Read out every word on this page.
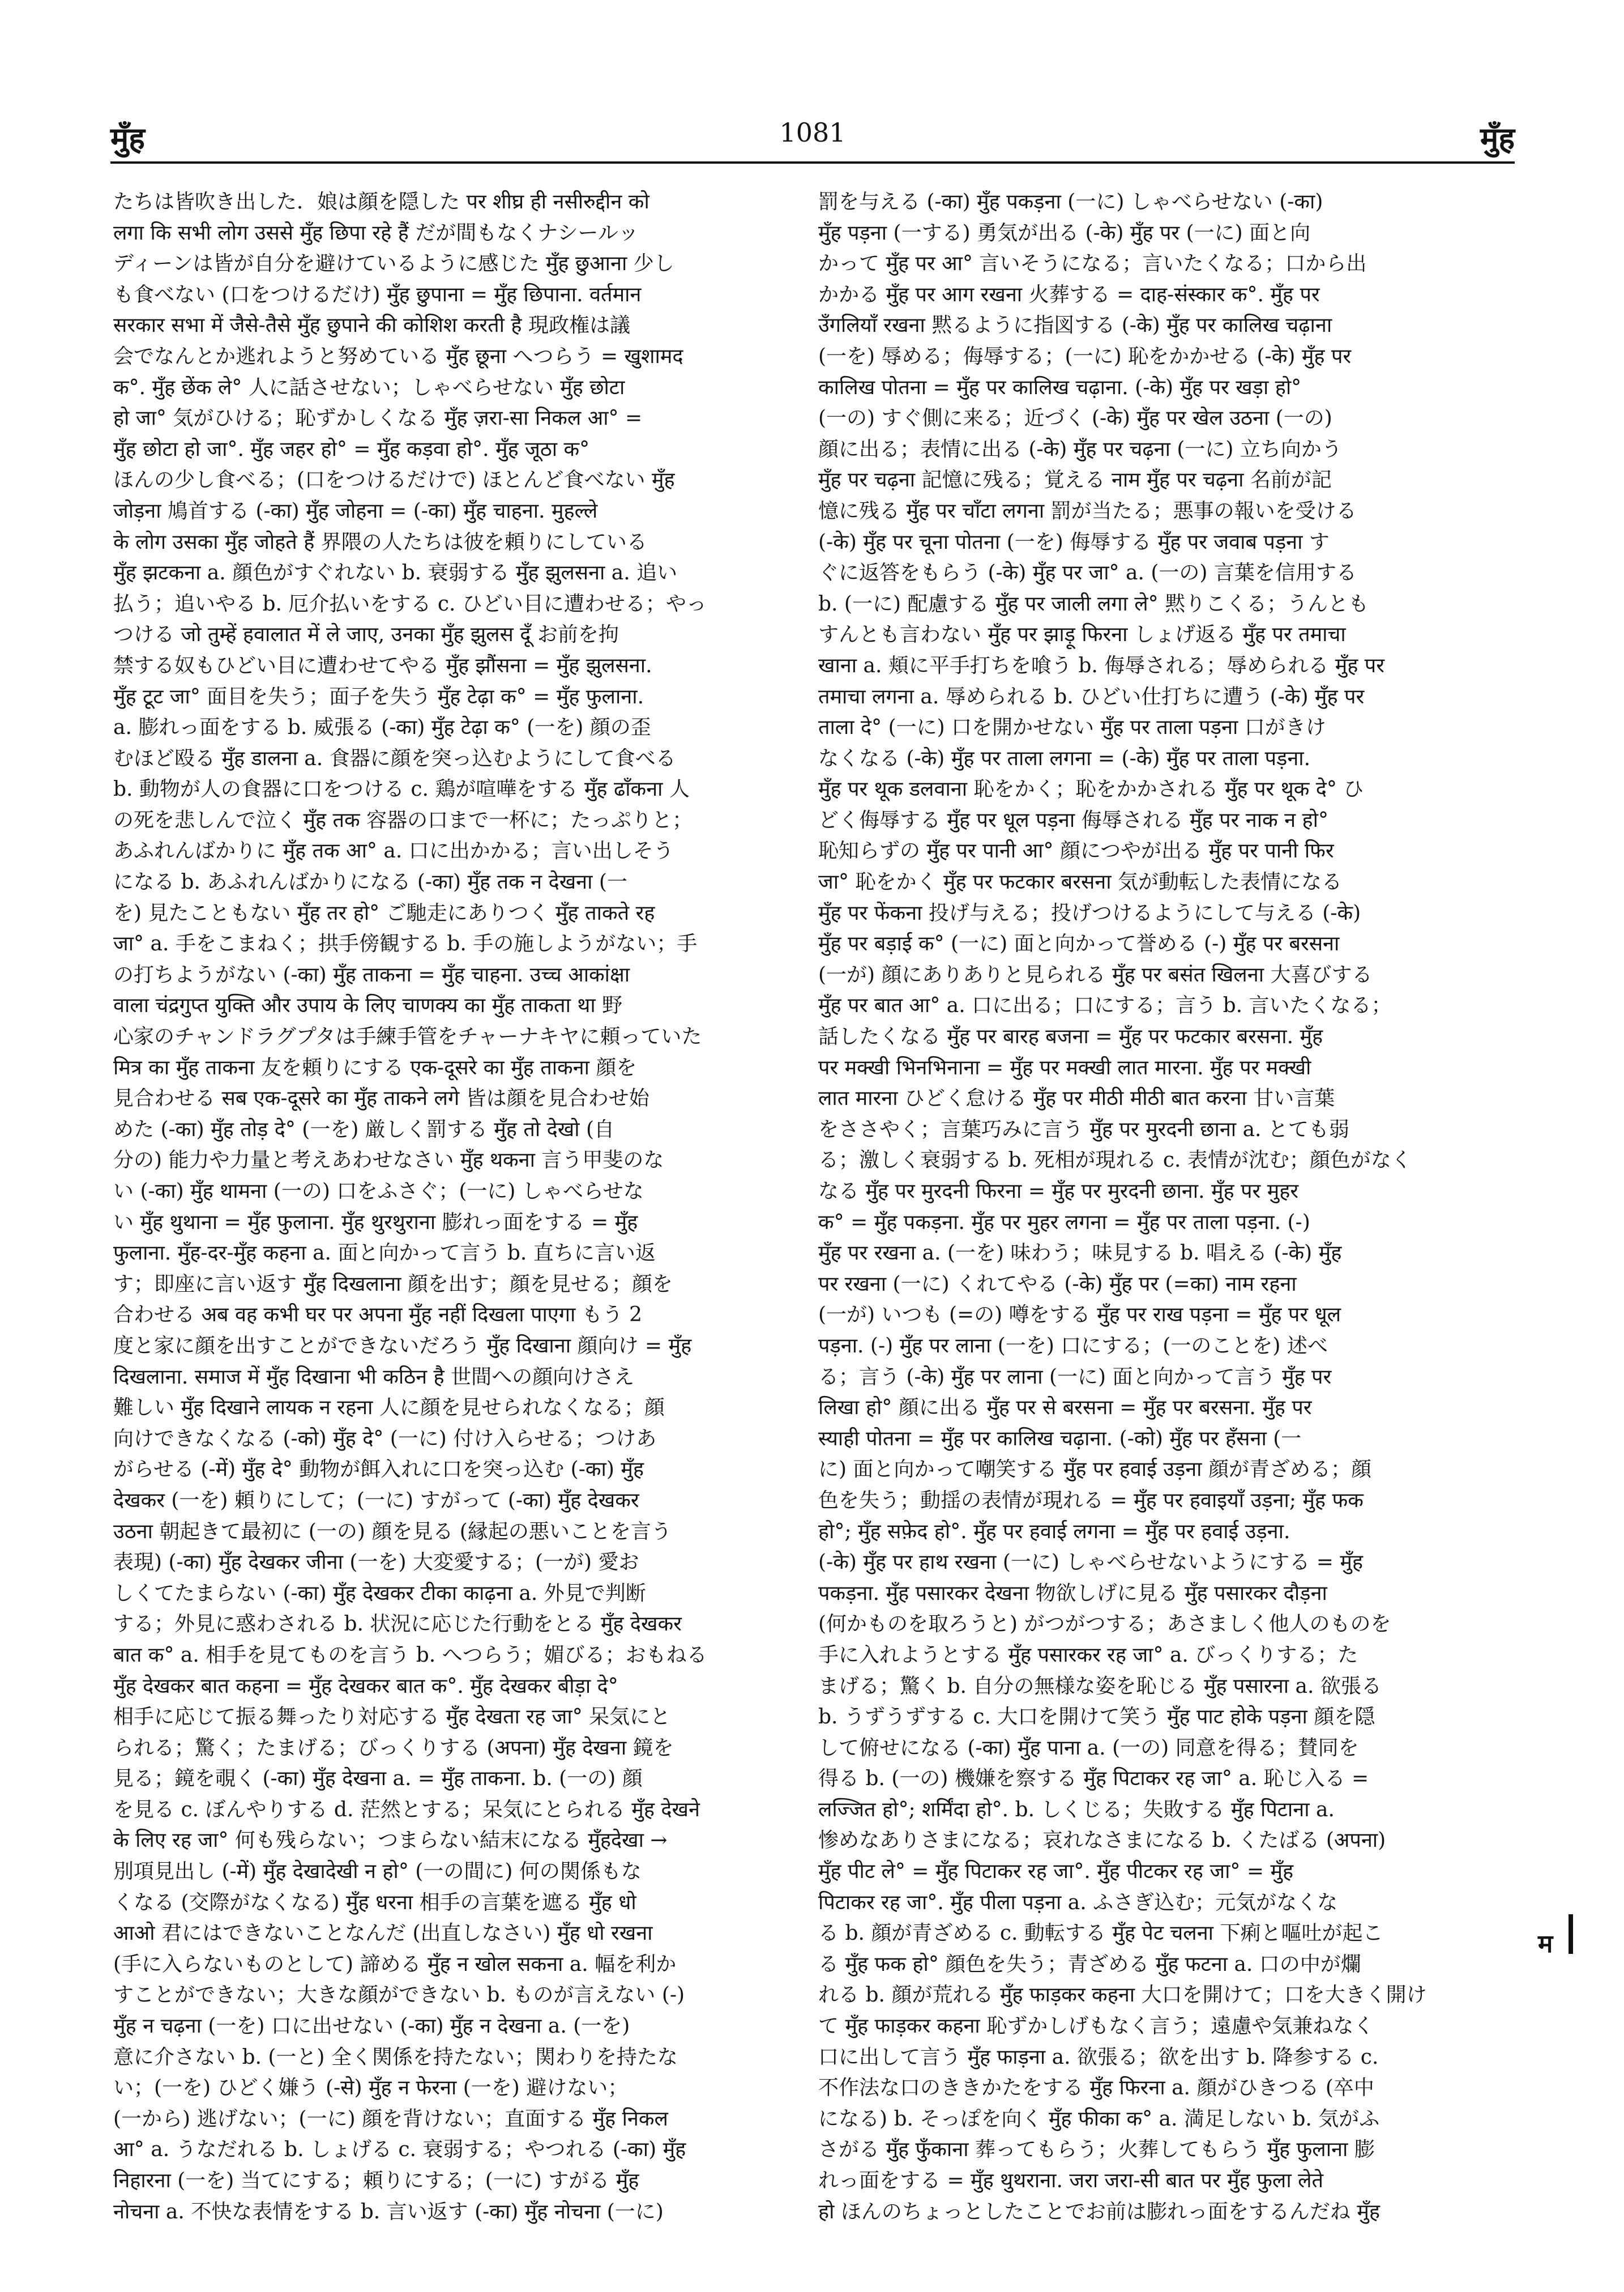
मुँह	1081	मुँह
たちは皆吹き出した．娘は顔を隠した पर शीघ्र ही नसीरुद्दीन को
लगा कि सभी लोग उससे मुँह छिपा रहे हैं だが間もなくナシールッ
ディーンは皆が自分を避けているように感じた मुँह छुआना 少し
も食べない (口をつけるだけ) मुँह छुपाना = मुँह छिपाना. वर्तमान
सरकार सभा में जैसे-तैसे मुँह छुपाने की कोशिश करती है 現政権は議
会でなんとか逃れようと努めている मुँह छूना へつらう = खुशामद
क°. मुँह छेंक ले° 人に話させない；しゃべらせない मुँह छोटा
हो जा° 気がひける；恥ずかしくなる मुँह ज़रा-सा निकल आ° =
मुँह छोटा हो जा°. मुँह जहर हो° = मुँह कड़वा हो°. मुँह जूठा क°
ほんの少し食べる；(口をつけるだけで) ほとんど食べない मुँह
जोड़ना 鳩首する (-का) मुँह जोहना = (-का) मुँह चाहना. मुहल्ले
के लोग उसका मुँह जोहते हैं 界隈の人たちは彼を頼りにしている
मुँह झटकना a. 顔色がすぐれない b. 衰弱する मुँह झुलसना a. 追い
払う；追いやる b. 厄介払いをする c. ひどい目に遭わせる；やっ
つける जो तुम्हें हवालात में ले जाए, उनका मुँह झुलस दूँ お前を拘
禁する奴もひどい目に遭わせてやる मुँह झौंसना = मुँह झुलसना.
मुँह टूट जा° 面目を失う；面子を失う मुँह टेढ़ा क° = मुँह फुलाना.
a. 膨れっ面をする b. 威張る (-का) मुँह टेढ़ा क° (一を) 顔の歪
むほど殴る मुँह डालना a. 食器に顔を突っ込むようにして食べる
b. 動物が人の食器に口をつける c. 鶏が喧嘩をする मुँह ढाँकना 人
の死を悲しんで泣く मुँह तक 容器の口まで一杯に；たっぷりと；
あふれんばかりに मुँह तक आ° a. 口に出かかる；言い出しそう
になる b. あふれんばかりになる (-का) मुँह तक न देखना (一
を) 見たこともない मुँह तर हो° ご馳走にありつく मुँह ताकते रह
जा° a. 手をこまねく；拱手傍観する b. 手の施しようがない；手
の打ちようがない (-का) मुँह ताकना = मुँह चाहना. उच्च आकांक्षा
वाला चंद्रगुप्त युक्ति और उपाय के लिए चाणक्य का मुँह ताकता था 野
心家のチャンドラグプタは手練手管をチャーナキヤに頼っていた
मित्र का मुँह ताकना 友を頼りにする एक-दूसरे का मुँह ताकना 顔を
見合わせる सब एक-दूसरे का मुँह ताकने लगे 皆は顔を見合わせ始
めた (-का) मुँह तोड़ दे° (一を) 厳しく罰する मुँह तो देखो (自
分の) 能力や力量と考えあわせなさい मुँह थकना 言う甲斐のな
い (-का) मुँह थामना (一の) 口をふさぐ；(一に) しゃべらせな
い मुँह थुथाना = मुँह फुलाना. मुँह थुरथुराना 膨れっ面をする = मुँह
फुलाना. मुँह-दर-मुँह कहना a. 面と向かって言う b. 直ちに言い返
す；即座に言い返す मुँह दिखलाना 顔を出す；顔を見せる；顔を
合わせる अब वह कभी घर पर अपना मुँह नहीं दिखला पाएगा もう 2
度と家に顔を出すことができないだろう मुँह दिखाना 顔向け = मुँह
दिखलाना. समाज में मुँह दिखाना भी कठिन है 世間への顔向けさえ
難しい मुँह दिखाने लायक न रहना 人に顔を見せられなくなる；顔
向けできなくなる (-को) मुँह दे° (一に) 付け入らせる；つけあ
がらせる (-में) मुँह दे° 動物が餌入れに口を突っ込む (-का) मुँह
देखकर (一を) 頼りにして；(一に) すがって (-का) मुँह देखकर
उठना 朝起きて最初に (一の) 顔を見る (縁起の悪いことを言う
表現) (-का) मुँह देखकर जीना (一を) 大変愛する；(一が) 愛お
しくてたまらない (-का) मुँह देखकर टीका काढ़ना a. 外見で判断
する；外見に惑わされる b. 状況に応じた行動をとる मुँह देखकर
बात क° a. 相手を見てものを言う b. へつらう；媚びる；おもねる
मुँह देखकर बात कहना = मुँह देखकर बात क°. मुँह देखकर बीड़ा दे°
相手に応じて振る舞ったり対応する मुँह देखता रह जा° 呆気にと
られる；驚く；たまげる；びっくりする (अपना) मुँह देखना 鏡を
見る；鏡を覗く (-का) मुँह देखना a. = मुँह ताकना. b. (一の) 顔
を見る c. ぼんやりする d. 茫然とする；呆気にとられる मुँह देखने
के लिए रह जा° 何も残らない；つまらない結末になる मुँहदेखा →
別項見出し (-में) मुँह देखादेखी न हो° (一の間に) 何の関係もな
くなる (交際がなくなる) मुँह धरना 相手の言葉を遮る मुँह धो
आओ 君にはできないことなんだ (出直しなさい) मुँह धो रखना
(手に入らないものとして) 諦める मुँह न खोल सकना a. 幅を利か
すことができない；大きな顔ができない b. ものが言えない (-)
मुँह न चढ़ना (一を) 口に出せない (-का) मुँह न देखना a. (一を)
意に介さない b. (一と) 全く関係を持たない；関わりを持たな
い；(一を) ひどく嫌う (-से) मुँह न फेरना (一を) 避けない；
(一から) 逃げない；(一に) 顔を背けない；直面する मुँह निकल
आ° a. うなだれる b. しょげる c. 衰弱する；やつれる (-का) मुँह
निहारना (一を) 当てにする；頼りにする；(一に) すがる मुँह
नोचना a. 不快な表情をする b. 言い返す (-का) मुँह नोचना (一に)
罰を与える (-का) मुँह पकड़ना (一に) しゃべらせない (-का)
मुँह पड़ना (一する) 勇気が出る (-के) मुँह पर (一に) 面と向
かって मुँह पर आ° 言いそうになる；言いたくなる；口から出
かかる मुँह पर आग रखना 火葬する = दाह-संस्कार क°. मुँह पर
उँगलियाँ रखना 黙るように指図する (-के) मुँह पर कालिख चढ़ाना
(一を) 辱める；侮辱する；(一に) 恥をかかせる (-के) मुँह पर
कालिख पोतना = मुँह पर कालिख चढ़ाना. (-के) मुँह पर खड़ा हो°
(一の) すぐ側に来る；近づく (-के) मुँह पर खेल उठना (一の)
顔に出る；表情に出る (-के) मुँह पर चढ़ना (一に) 立ち向かう
मुँह पर चढ़ना 記憶に残る；覚える नाम मुँह पर चढ़ना 名前が記
憶に残る मुँह पर चाँटा लगना 罰が当たる；悪事の報いを受ける
(-के) मुँह पर चूना पोतना (一を) 侮辱する मुँह पर जवाब पड़ना す
ぐに返答をもらう (-के) मुँह पर जा° a. (一の) 言葉を信用する
b. (一に) 配慮する मुँह पर जाली लगा ले° 黙りこくる；うんとも
すんとも言わない मुँह पर झाड़ू फिरना しょげ返る मुँह पर तमाचा
खाना a. 頬に平手打ちを喰う b. 侮辱される；辱められる मुँह पर
तमाचा लगना a. 辱められる b. ひどい仕打ちに遭う (-के) मुँह पर
ताला दे° (一に) 口を開かせない मुँह पर ताला पड़ना 口がきけ
なくなる (-के) मुँह पर ताला लगना = (-के) मुँह पर ताला पड़ना.
मुँह पर थूक डलवाना 恥をかく；恥をかかされる मुँह पर थूक दे° ひ
どく侮辱する मुँह पर धूल पड़ना 侮辱される मुँह पर नाक न हो°
恥知らずの मुँह पर पानी आ° 顔につやが出る मुँह पर पानी फिर
जा° 恥をかく मुँह पर फटकार बरसना 気が動転した表情になる
मुँह पर फेंकना 投げ与える；投げつけるようにして与える (-के)
मुँह पर बड़ाई क° (一に) 面と向かって誉める (-) मुँह पर बरसना
(一が) 顔にありありと見られる मुँह पर बसंत खिलना 大喜びする
मुँह पर बात आ° a. 口に出る；口にする；言う b. 言いたくなる；
話したくなる मुँह पर बारह बजना = मुँह पर फटकार बरसना. मुँह
पर मक्खी भिनभिनाना = मुँह पर मक्खी लात मारना. मुँह पर मक्खी
लात मारना ひどく怠ける मुँह पर मीठी मीठी बात करना 甘い言葉
をささやく；言葉巧みに言う मुँह पर मुरदनी छाना a. とても弱
る；激しく衰弱する b. 死相が現れる c. 表情が沈む；顔色がなく
なる मुँह पर मुरदनी फिरना = मुँह पर मुरदनी छाना. मुँह पर मुहर
क° = मुँह पकड़ना. मुँह पर मुहर लगना = मुँह पर ताला पड़ना. (-)
मुँह पर रखना a. (一を) 味わう；味見する b. 唱える (-के) मुँह
पर रखना (一に) くれてやる (-के) मुँह पर (=का) नाम रहना
(一が) いつも (=の) 噂をする मुँह पर राख पड़ना = मुँह पर धूल
पड़ना. (-) मुँह पर लाना (一を) 口にする；(一のことを) 述べ
る；言う (-के) मुँह पर लाना (一に) 面と向かって言う मुँह पर
लिखा हो° 顔に出る मुँह पर से बरसना = मुँह पर बरसना. मुँह पर
स्याही पोतना = मुँह पर कालिख चढ़ाना. (-को) मुँह पर हँसना (一
に) 面と向かって嘲笑する मुँह पर हवाई उड़ना 顔が青ざめる；顔
色を失う；動揺の表情が現れる = मुँह पर हवाइयाँ उड़ना; मुँह फक
हो°; मुँह सफ़ेद हो°. मुँह पर हवाई लगना = मुँह पर हवाई उड़ना.
(-के) मुँह पर हाथ रखना (一に) しゃべらせないようにする = मुँह
पकड़ना. मुँह पसारकर देखना 物欲しげに見る मुँह पसारकर दौड़ना
(何かものを取ろうと) がつがつする；あさましく他人のものを
手に入れようとする मुँह पसारकर रह जा° a. びっくりする；た
まげる；驚く b. 自分の無様な姿を恥じる मुँह पसारना a. 欲張る
b. うずうずする c. 大口を開けて笑う मुँह पाट होके पड़ना 顔を隠
して俯せになる (-का) मुँह पाना a. (一の) 同意を得る；賛同を
得る b. (一の) 機嫌を察する मुँह पिटाकर रह जा° a. 恥じ入る =
लज्जित हो°; शर्मिंदा हो°. b. しくじる；失敗する मुँह पिटाना a.
惨めなありさまになる；哀れなさまになる b. くたばる (अपना)
मुँह पीट ले° = मुँह पिटाकर रह जा°. मुँह पीटकर रह जा° = मुँह
पिटाकर रह जा°. मुँह पीला पड़ना a. ふさぎ込む；元気がなくな
る b. 顔が青ざめる c. 動転する मुँह पेट चलना 下痢と嘔吐が起こ
る मुँह फक हो° 顔色を失う；青ざめる मुँह फटना a. 口の中が爛
れる b. 顔が荒れる मुँह फाड़कर कहना 大口を開けて；口を大きく開け
て मुँह फाड़कर कहना 恥ずかしげもなく言う；遠慮や気兼ねなく
口に出して言う मुँह फाड़ना a. 欲張る；欲を出す b. 降参する c.
不作法な口のききかたをする मुँह फिरना a. 顔がひきつる (卒中
になる) b. そっぽを向く मुँह फीका क° a. 満足しない b. 気がふ
さがる मुँह फुँकाना 葬ってもらう；火葬してもらう मुँह फुलाना 膨
れっ面をする = मुँह थुथराना. जरा जरा-सी बात पर मुँह फुला लेते
हो ほんのちょっとしたことでお前は膨れっ面をするんだね मुँह
म
